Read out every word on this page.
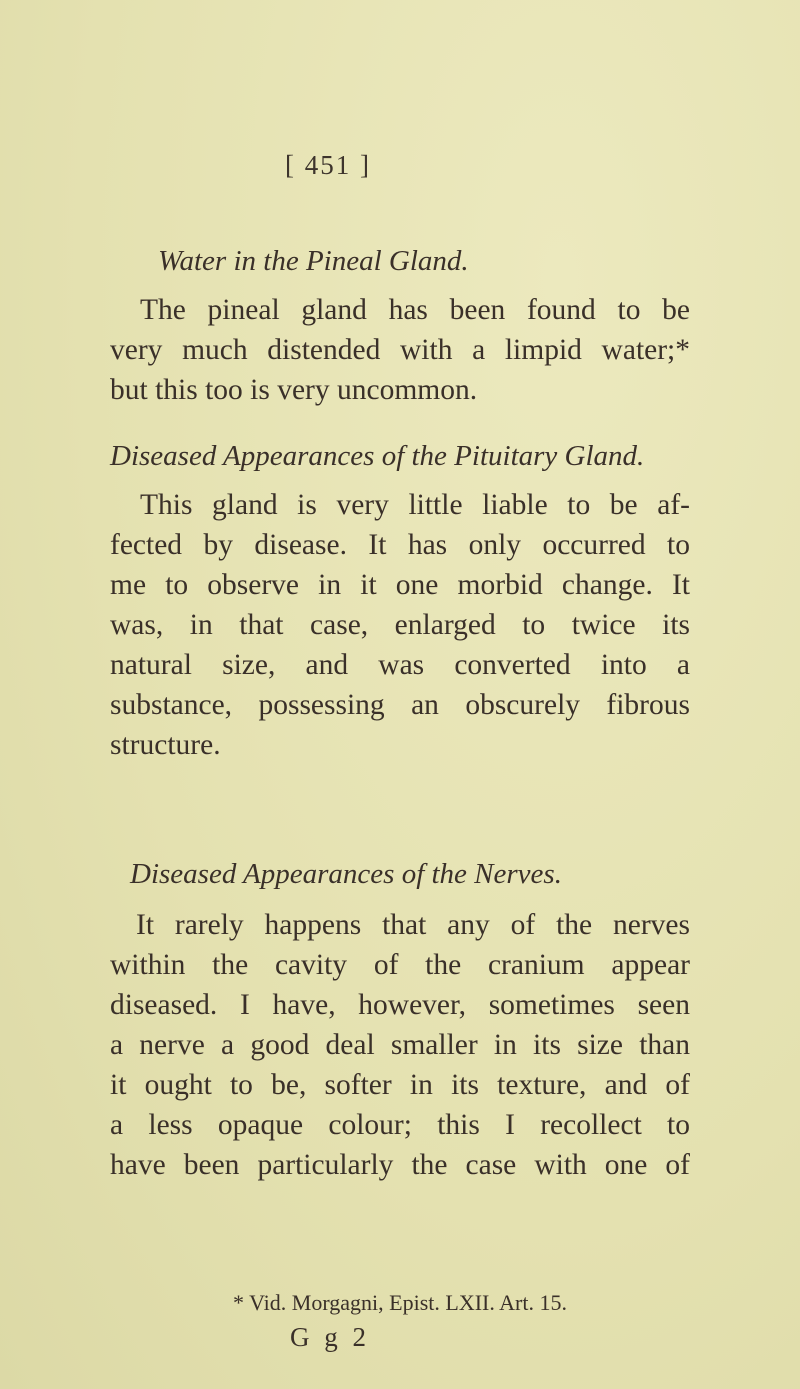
[ 451 ]
Water in the Pineal Gland.
The pineal gland has been found to be
very much distended with a limpid water;*
but this too is very uncommon.
Diseased Appearances of the Pituitary Gland.
This gland is very little liable to be af-
fected by disease. It has only occurred to
me to observe in it one morbid change. It
was, in that case, enlarged to twice its
natural size, and was converted into a
substance, possessing an obscurely fibrous
structure.
Diseased Appearances of the Nerves.
It rarely happens that any of the nerves
within the cavity of the cranium appear
diseased. I have, however, sometimes seen
a nerve a good deal smaller in its size than
it ought to be, softer in its texture, and of
a less opaque colour; this I recollect to
have been particularly the case with one of
* Vid. Morgagni, Epist. LXII. Art. 15.
G g 2
